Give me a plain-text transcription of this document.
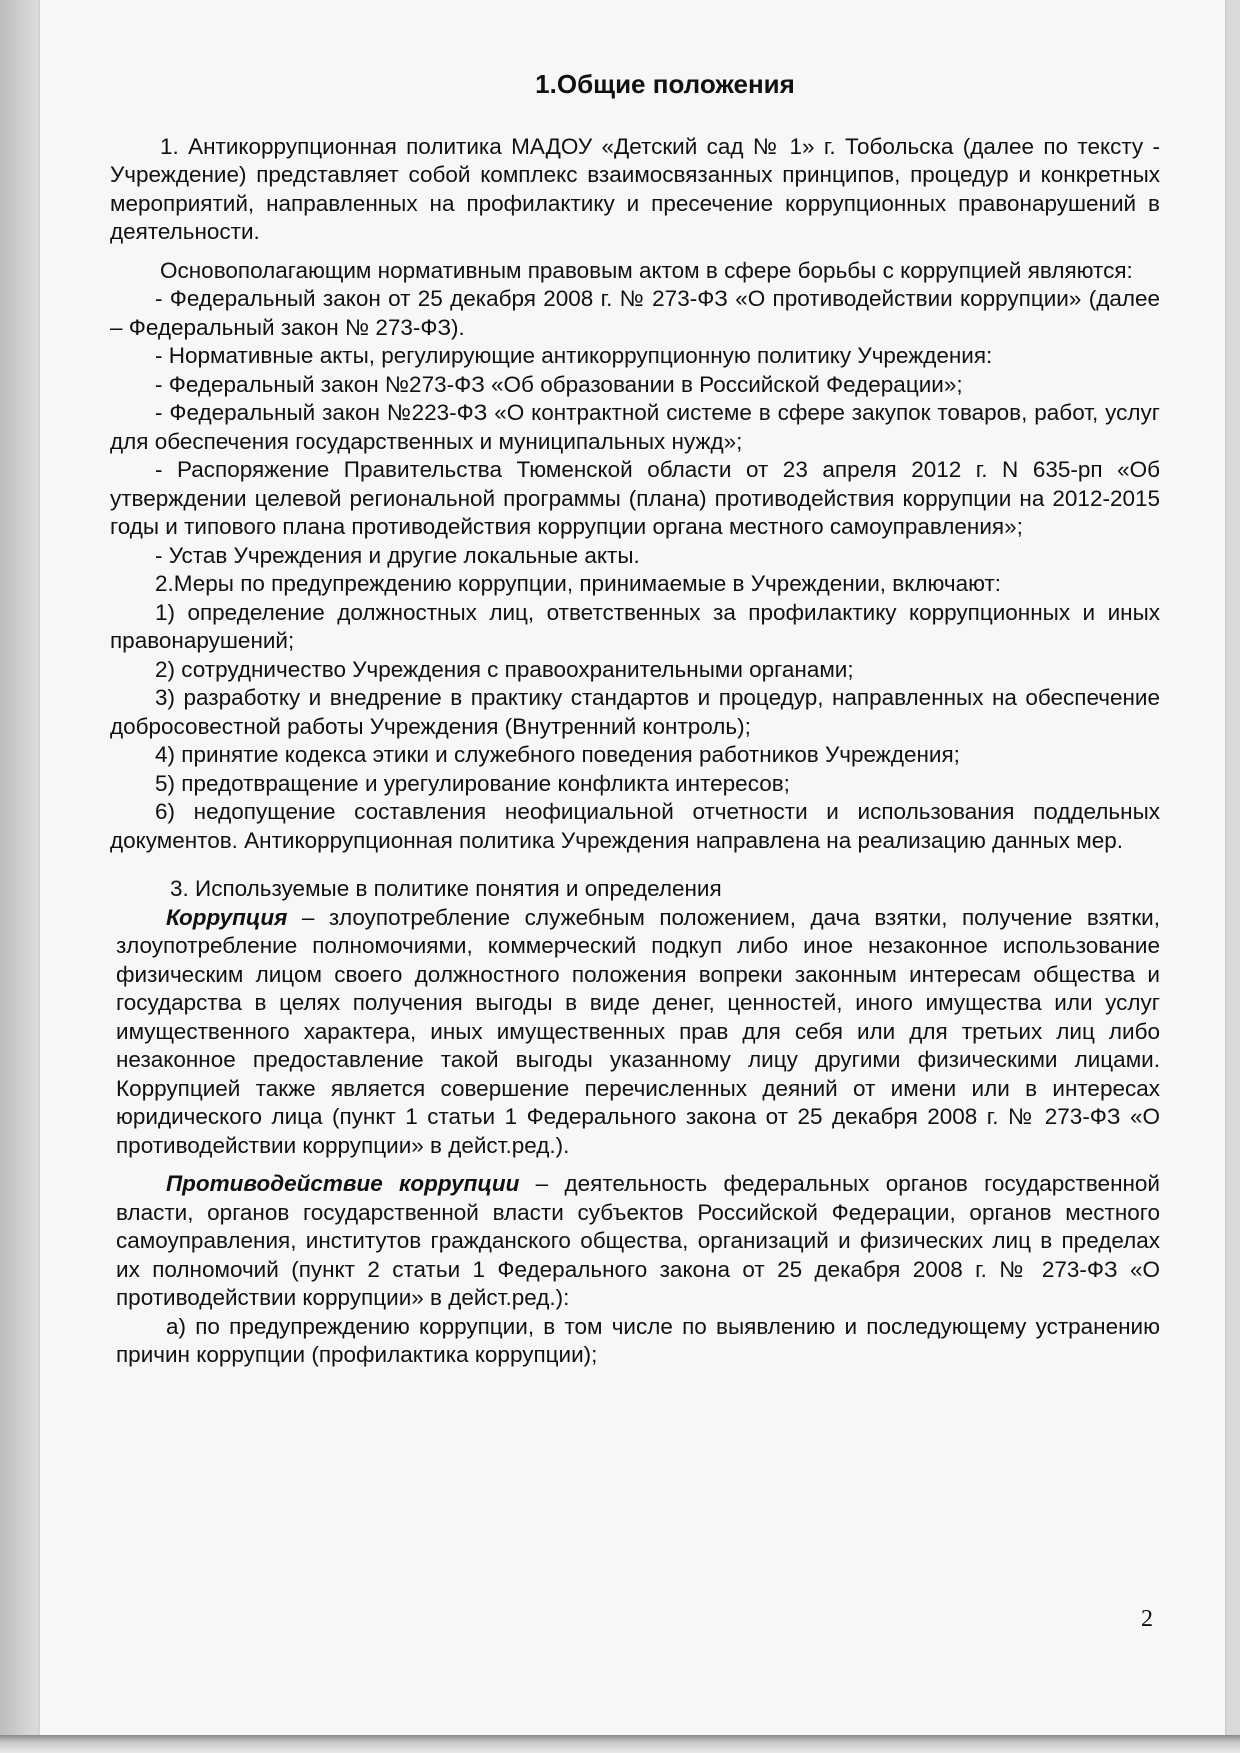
1.Общие положения

1. Антикоррупционная политика МАДОУ «Детский сад № 1» г. Тобольска (далее по тексту - Учреждение) представляет собой комплекс взаимосвязанных принципов, процедур и конкретных мероприятий, направленных на профилактику и пресечение коррупционных правонарушений в деятельности.

Основополагающим нормативным правовым актом в сфере борьбы с коррупцией являются:

- Федеральный закон от 25 декабря 2008 г. № 273-ФЗ «О противодействии коррупции» (далее – Федеральный закон № 273-ФЗ).

- Нормативные акты, регулирующие антикоррупционную политику Учреждения:

- Федеральный закон №273-ФЗ «Об образовании в Российской Федерации»;

- Федеральный закон №223-ФЗ «О контрактной системе в сфере закупок товаров, работ, услуг для обеспечения государственных и муниципальных нужд»;

- Распоряжение Правительства Тюменской области от 23 апреля 2012 г. N 635-рп «Об утверждении целевой региональной программы (плана) противодействия коррупции на 2012-2015 годы и типового плана противодействия коррупции органа местного самоуправления»;

- Устав Учреждения и другие локальные акты.

2.Меры по предупреждению коррупции, принимаемые в Учреждении, включают:

1) определение должностных лиц, ответственных за профилактику коррупционных и иных правонарушений;

2) сотрудничество Учреждения с правоохранительными органами;

3) разработку и внедрение в практику стандартов и процедур, направленных на обеспечение добросовестной работы Учреждения (Внутренний контроль);

4) принятие кодекса этики и служебного поведения работников Учреждения;

5) предотвращение и урегулирование конфликта интересов;

6) недопущение составления неофициальной отчетности и использования поддельных документов. Антикоррупционная политика Учреждения направлена на реализацию данных мер.

3. Используемые в политике понятия и определения

Коррупция – злоупотребление служебным положением, дача взятки, получение взятки, злоупотребление полномочиями, коммерческий подкуп либо иное незаконное использование физическим лицом своего должностного положения вопреки законным интересам общества и государства в целях получения выгоды в виде денег, ценностей, иного имущества или услуг имущественного характера, иных имущественных прав для себя или для третьих лиц либо незаконное предоставление такой выгоды указанному лицу другими физическими лицами. Коррупцией также является совершение перечисленных деяний от имени или в интересах юридического лица (пункт 1 статьи 1 Федерального закона от 25 декабря 2008 г. № 273-ФЗ «О противодействии коррупции» в дейст.ред.).

Противодействие коррупции – деятельность федеральных органов государственной власти, органов государственной власти субъектов Российской Федерации, органов местного самоуправления, институтов гражданского общества, организаций и физических лиц в пределах их полномочий (пункт 2 статьи 1 Федерального закона от 25 декабря 2008 г. № 273-ФЗ «О противодействии коррупции» в дейст.ред.):

а) по предупреждению коррупции, в том числе по выявлению и последующему устранению причин коррупции (профилактика коррупции);

2
